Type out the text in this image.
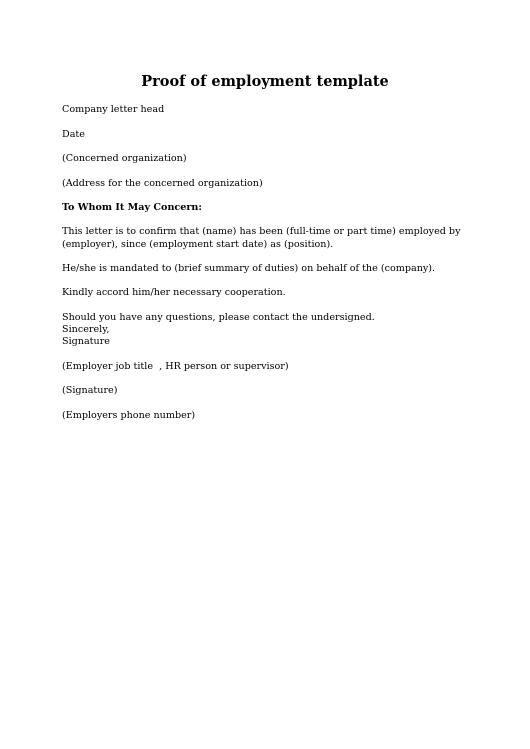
Proof of employment template

Company letter head

Date

(Concerned organization)

(Address for the concerned organization)

To Whom It May Concern:

This letter is to confirm that (name) has been (full-time or part time) employed by

(employer), since (employment start date) as (position).

He/she is mandated to (brief summary of duties) on behalf of the (company).

Kindly accord him/her necessary cooperation.

Should you have any questions, please contact the undersigned.

Sincerely,

Signature

(Employer job title  , HR person or supervisor)

(Signature)

(Employers phone number)
